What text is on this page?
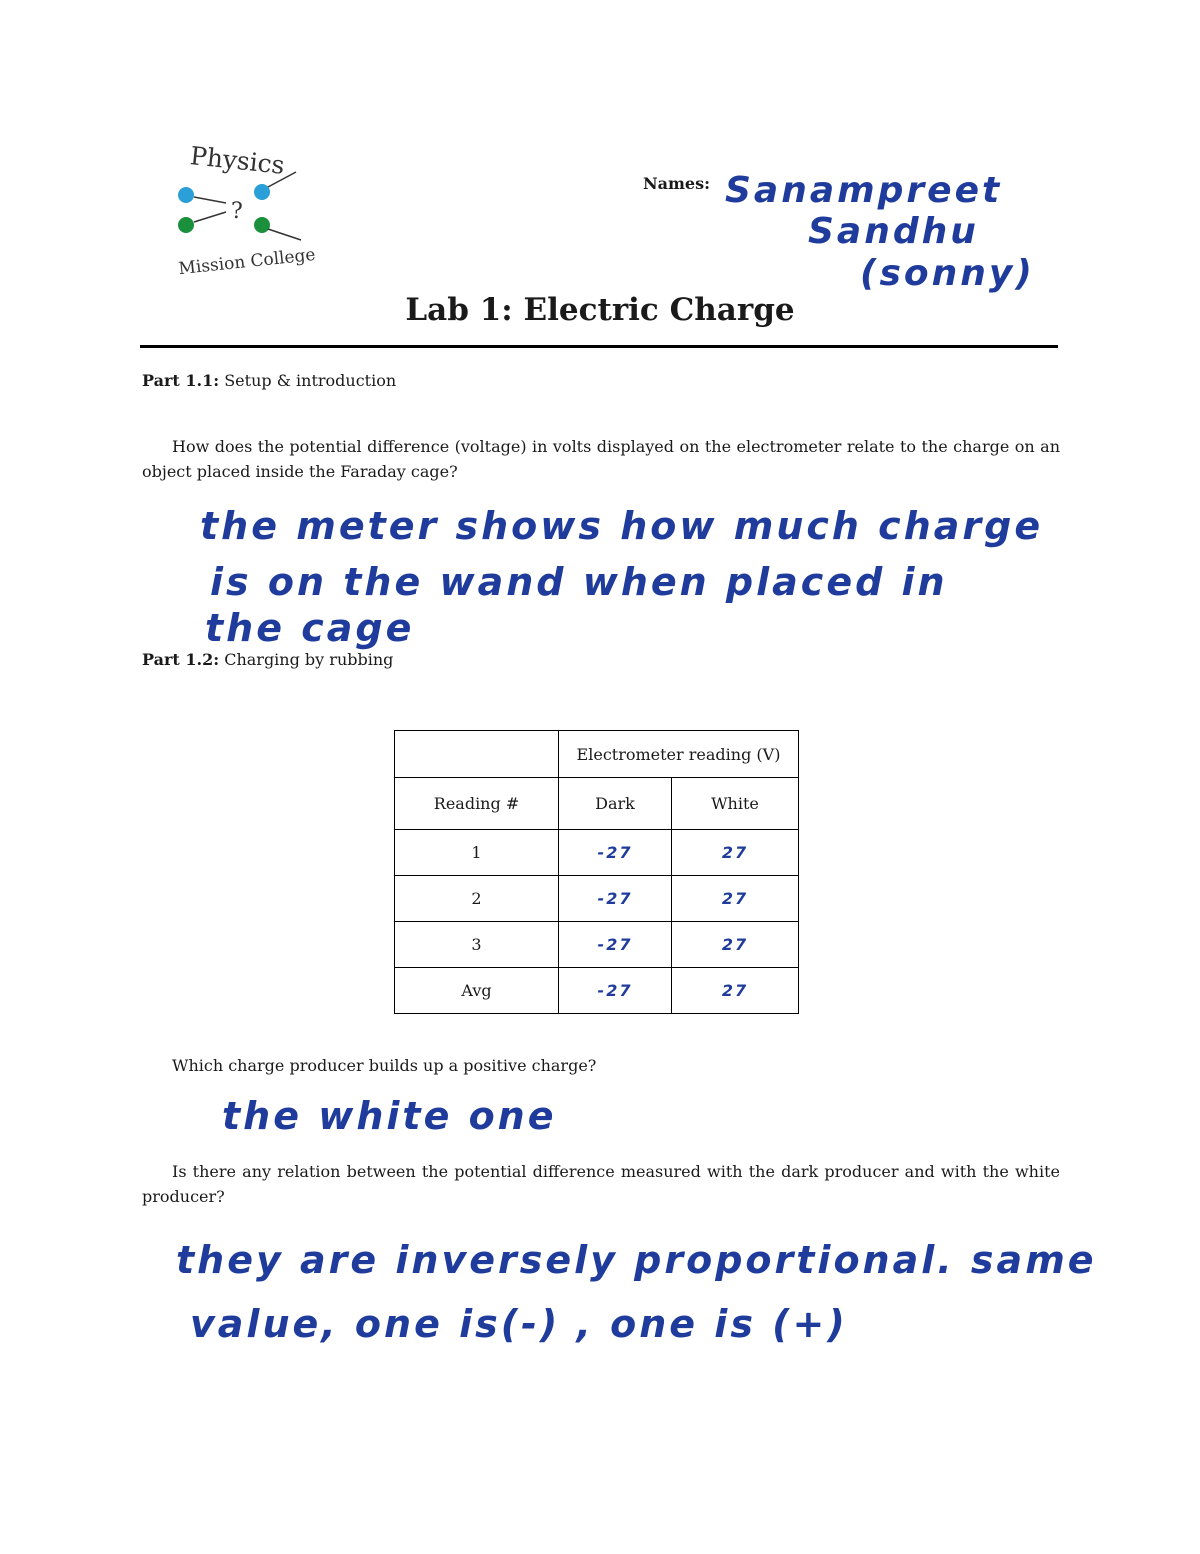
Physics
?
Mission College
Names: Sanampreet
Sandhu
(sonny)
Lab 1: Electric Charge
Part 1.1: Setup & introduction
How does the potential difference (voltage) in volts displayed on the electrometer relate to the charge on an object placed inside the Faraday cage?
the meter shows how much charge
is on the wand when placed in
the cage
Part 1.2: Charging by rubbing
	Electrometer reading (V)	
Reading #	Dark	White
1	-27	27
2	-27	27
3	-27	27
Avg	-27	27
Which charge producer builds up a positive charge?
the white one
Is there any relation between the potential difference measured with the dark producer and with the white producer?
they are inversely proportional. same
value, one is(-) , one is (+)
